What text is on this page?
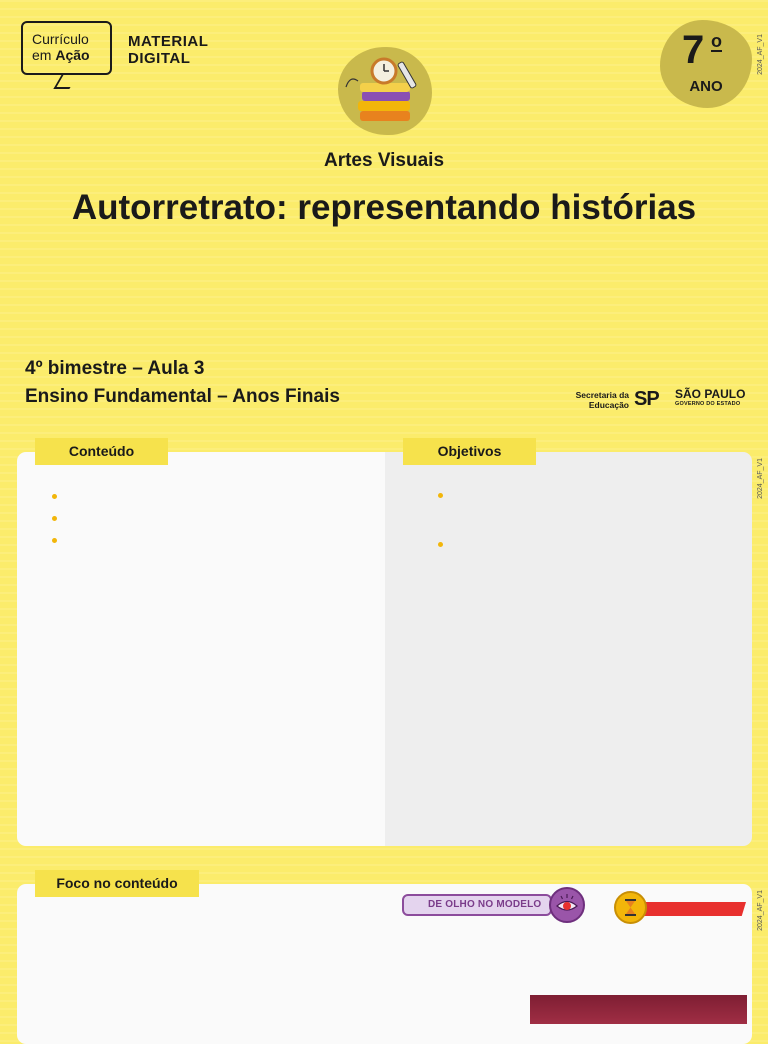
Currículo
em Ação
MATERIAL
DIGITAL	7 o
ANO
2024_AF_V1
2024_AF_V1
2024_AF_V1
Artes Visuais
Autorretrato: representando histórias
4º bimestre – Aula 3
Ensino Fundamental – Anos Finais	Secretaria da
Educação SP SÃO PAULO
GOVERNO DO ESTADO
Conteúdo	Objetivos
Foco no conteúdo
DE OLHO NO MODELO
